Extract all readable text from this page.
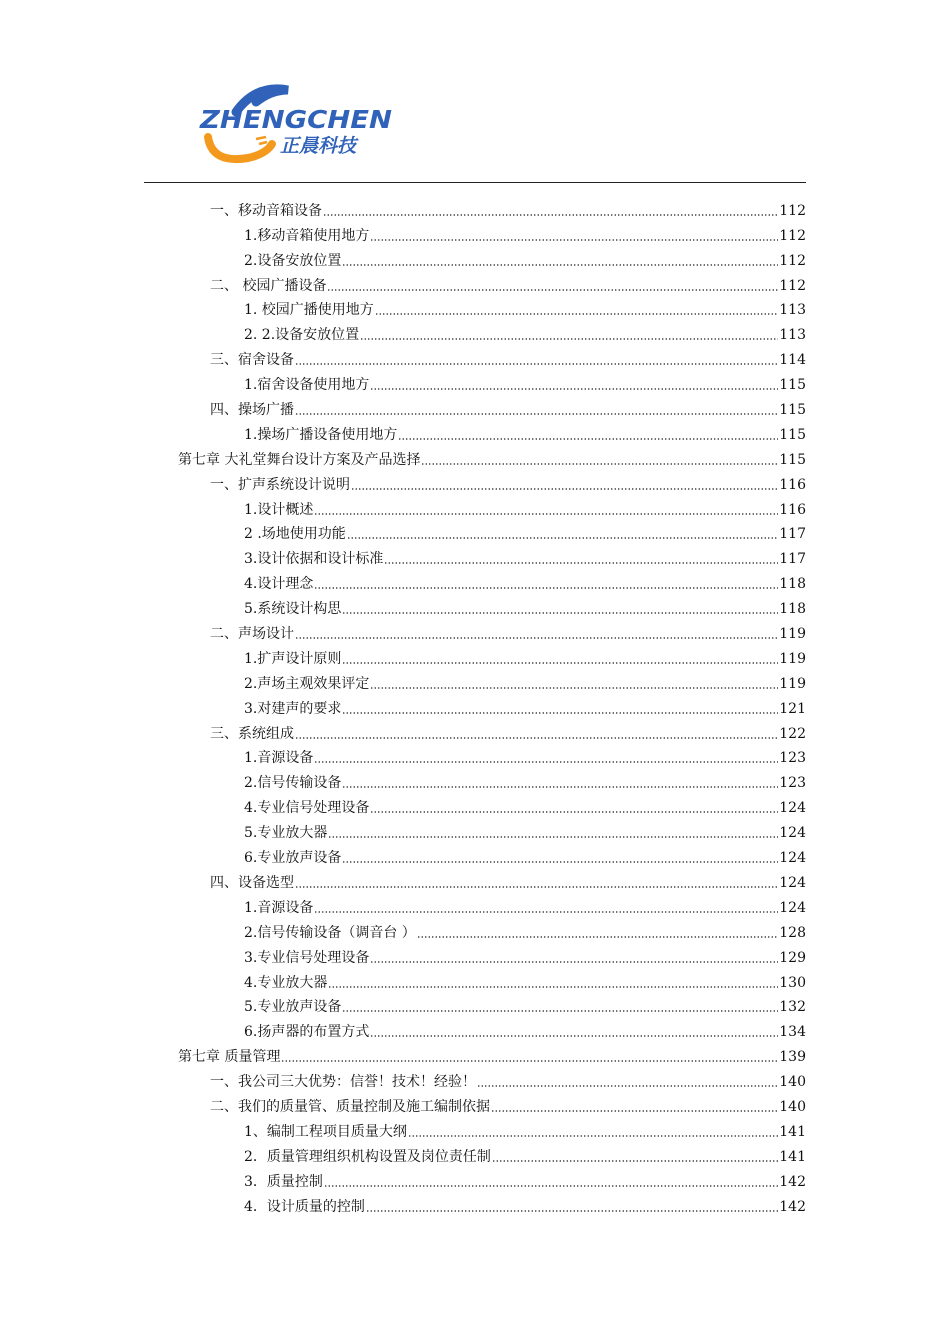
ZHENGCHEN
正晨科技
一、移动音箱设备	112
1.移动音箱使用地方	112
2.设备安放位置	112
二、 校园广播设备	112
1. 校园广播使用地方	113
2. 2.设备安放位置	113
三、宿舍设备	114
1.宿舍设备使用地方	115
四、操场广播	115
1.操场广播设备使用地方	115
第七章 大礼堂舞台设计方案及产品选择	115
一、扩声系统设计说明	116
1.设计概述	116
2 .场地使用功能	117
3.设计依据和设计标准	117
4.设计理念	118
5.系统设计构思	118
二、声场设计	119
1.扩声设计原则	119
2.声场主观效果评定	119
3.对建声的要求	121
三、系统组成	122
1.音源设备	123
2.信号传输设备	123
4.专业信号处理设备	124
5.专业放大器	124
6.专业放声设备	124
四、设备选型	124
1.音源设备	124
2.信号传输设备（调音台 ）	128
3.专业信号处理设备	129
4.专业放大器	130
5.专业放声设备	132
6.扬声器的布置方式	134
第七章 质量管理	139
一、我公司三大优势：信誉！技术！经验！	140
二、我们的质量管、质量控制及施工编制依据	140
1、编制工程项目质量大纲	141
2．质量管理组织机构设置及岗位责任制	141
3．质量控制	142
4．设计质量的控制	142
